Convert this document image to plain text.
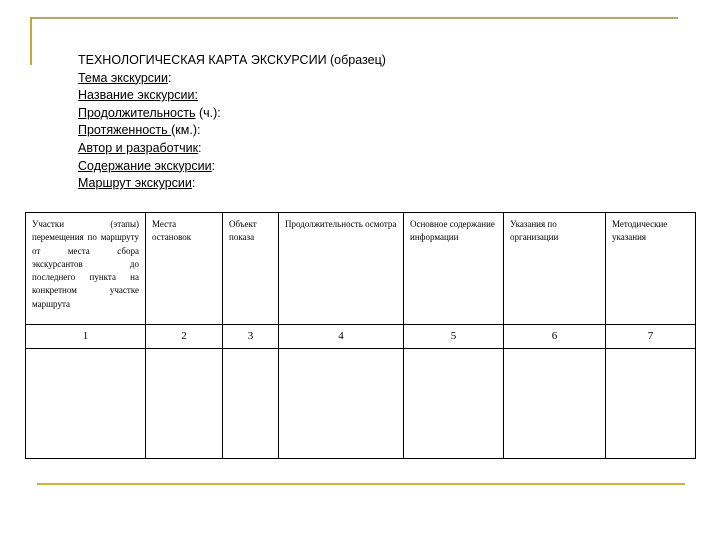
ТЕХНОЛОГИЧЕСКАЯ КАРТА ЭКСКУРСИИ (образец)
Тема экскурсии:
Название экскурсии:
Продолжительность (ч.):
Протяженность (км.):
Автор и разработчик:
Содержание экскурсии:
Маршрут экскурсии:
Участки (этапы) перемещения по маршруту от места сбора экскурсантов до последнего пункта на конкретном участке маршрута	Места остановок	Объект показа	Продолжительность осмотра	Основное содержание информации	Указания по организации	Методические указания
1	2	3	4	5	6	7
